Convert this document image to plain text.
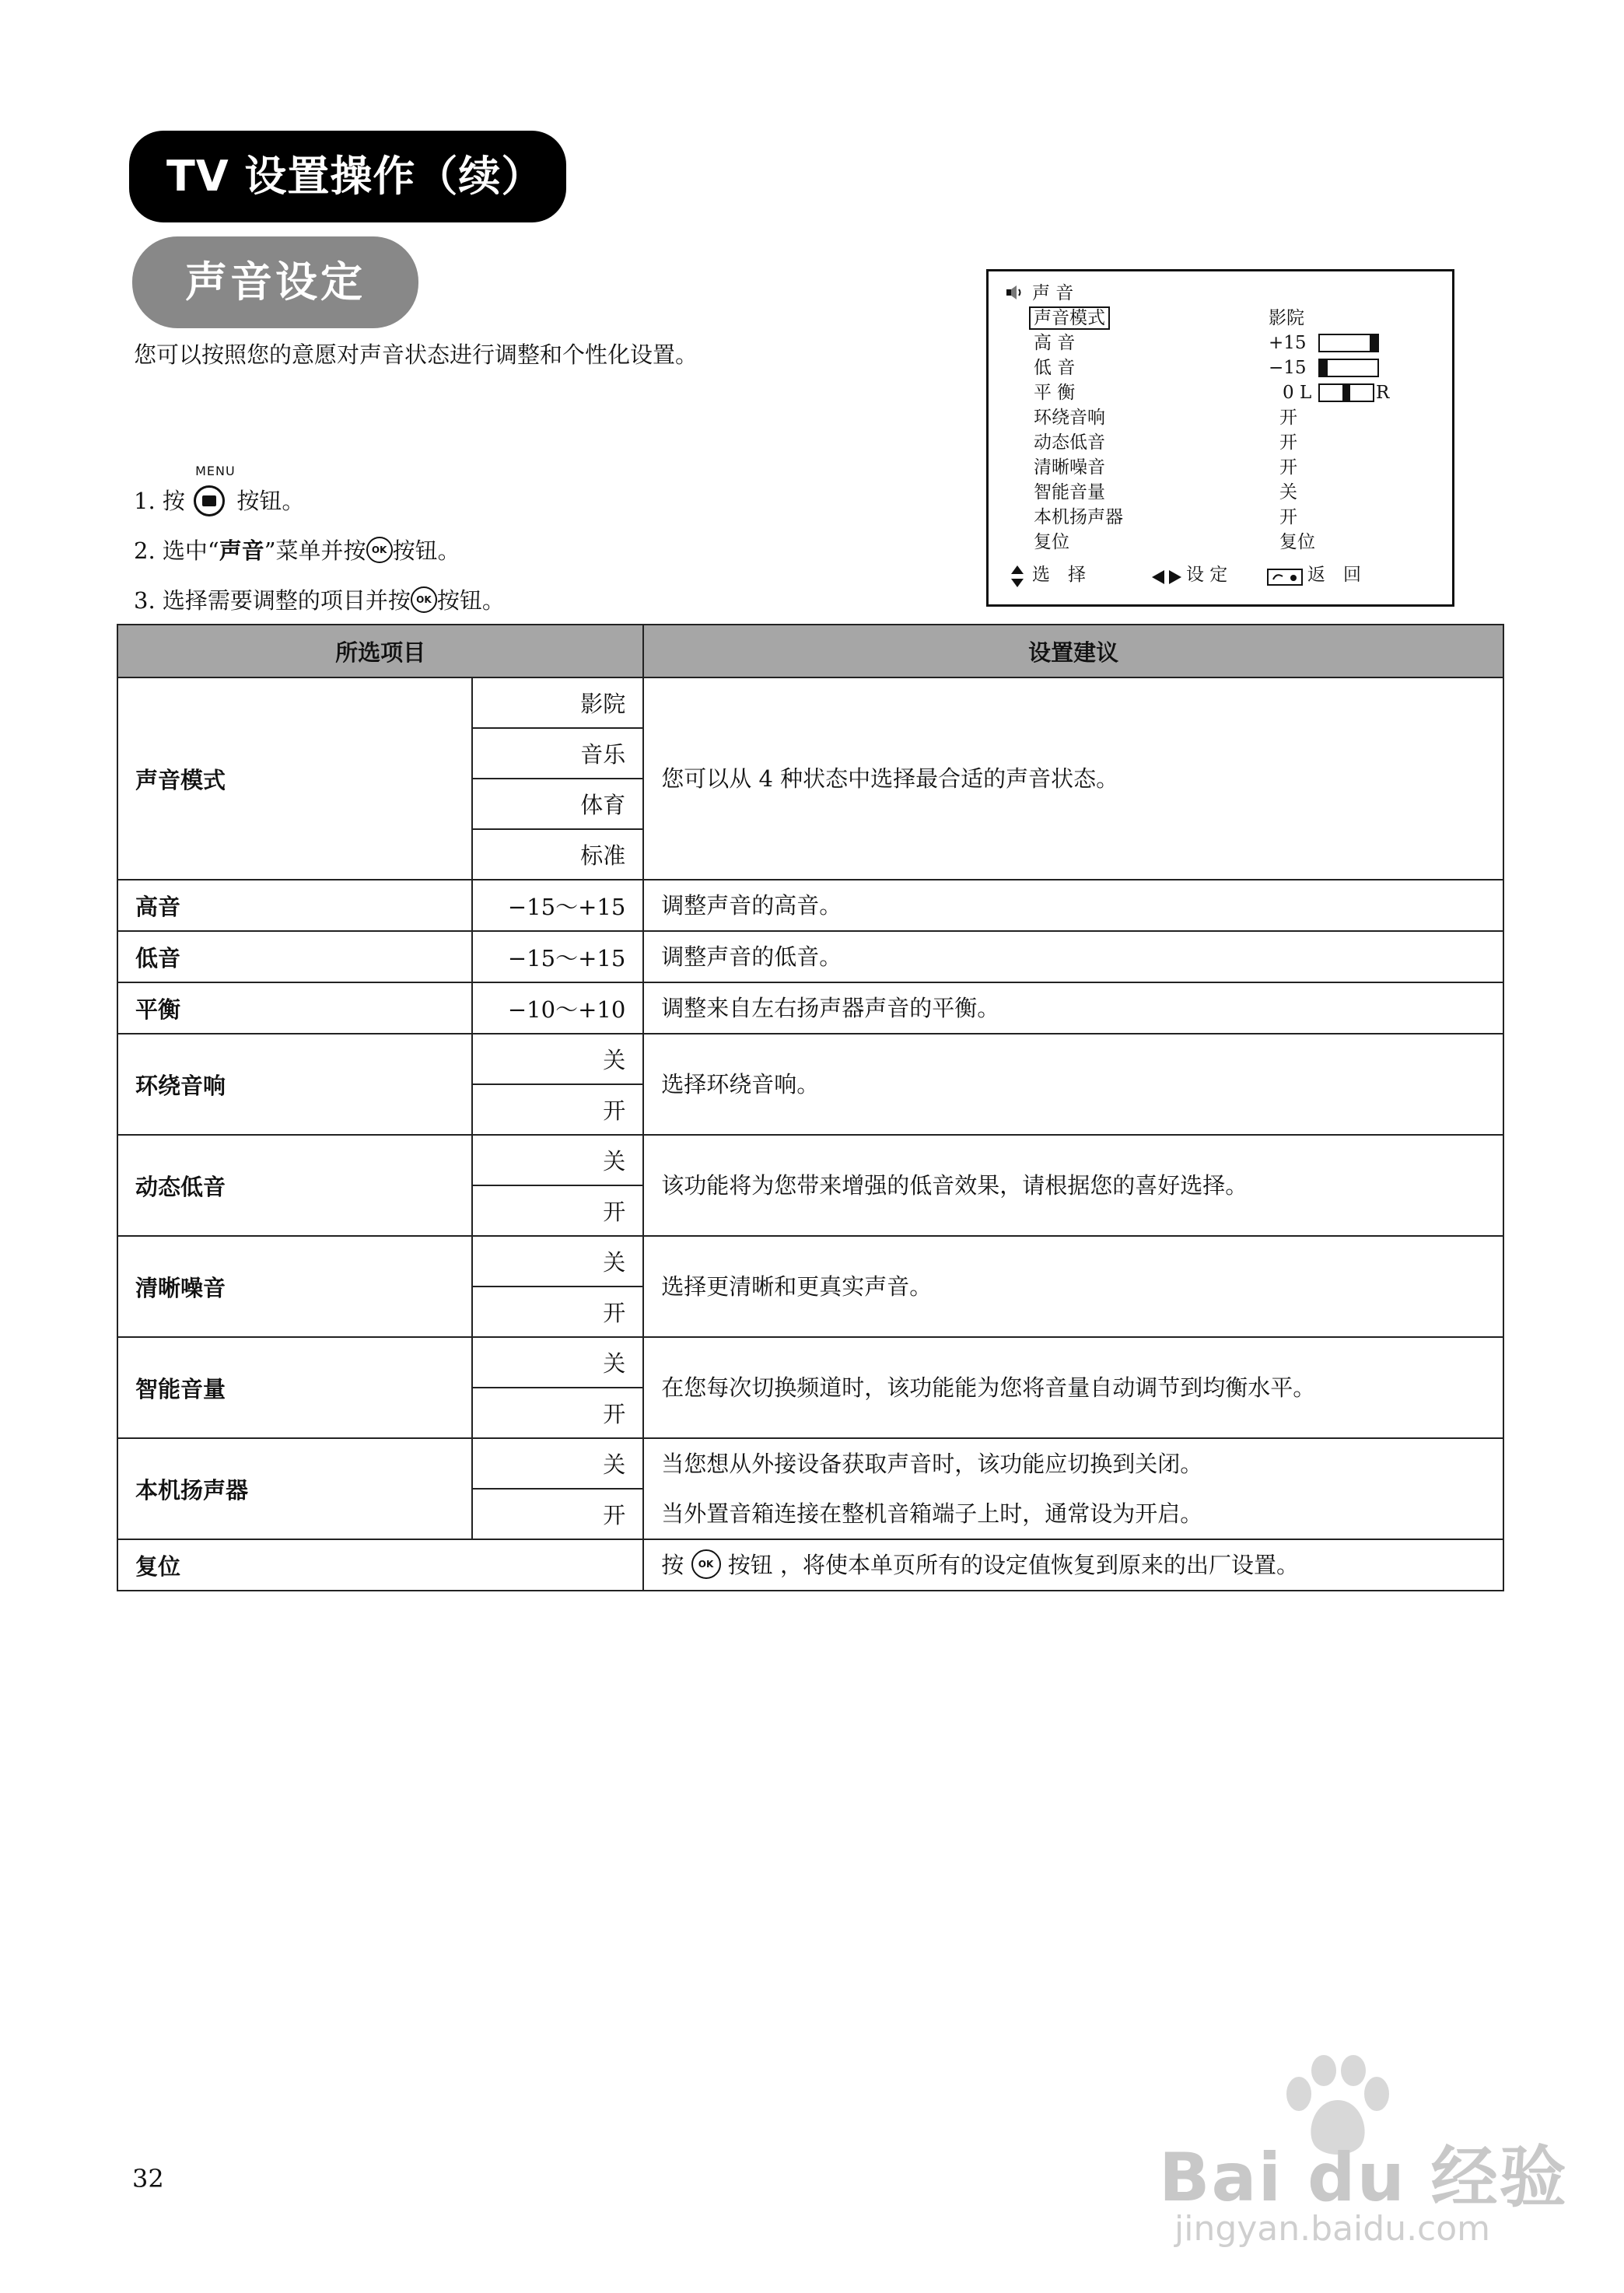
TV 设置操作（续）
声音设定
您可以按照您的意愿对声音状态进行调整和个性化设置。
1. 按
MENU
按钮。
2. 选中“声音”菜单并按 OK 按钮。
3. 选择需要调整的项目并按 OK 按钮。
声 音
声音模式	影院
高 音	+15
低 音	−15
平 衡	0 L	R
环绕音响	开
动态低音	开
清晰噪音	开
智能音量	关
本机扬声器	开
复位	复位
选　择	设 定	返　回
所选项目		设置建议
声音模式	影院	您可以从 4 种状态中选择最合适的声音状态。
	音乐	
	体育	
	标准	
高音	−15～+15	调整声音的高音。
低音	−15～+15	调整声音的低音。
平衡	−10～+10	调整来自左右扬声器声音的平衡。
环绕音响	关	选择环绕音响。
	开	
动态低音	关	该功能将为您带来增强的低音效果，请根据您的喜好选择。
	开	
清晰噪音	关	选择更清晰和更真实声音。
	开	
智能音量	关	在您每次切换频道时，该功能能为您将音量自动调节到均衡水平。
	开	
本机扬声器	关	当您想从外接设备获取声音时，该功能应切换到关闭。
	开	当外置音箱连接在整机音箱端子上时，通常设为开启。
复位		按 OK 按钮 ，将使本单页所有的设定值恢复到原来的出厂设置。
32	Bai du 经验
jingyan.baidu.com
